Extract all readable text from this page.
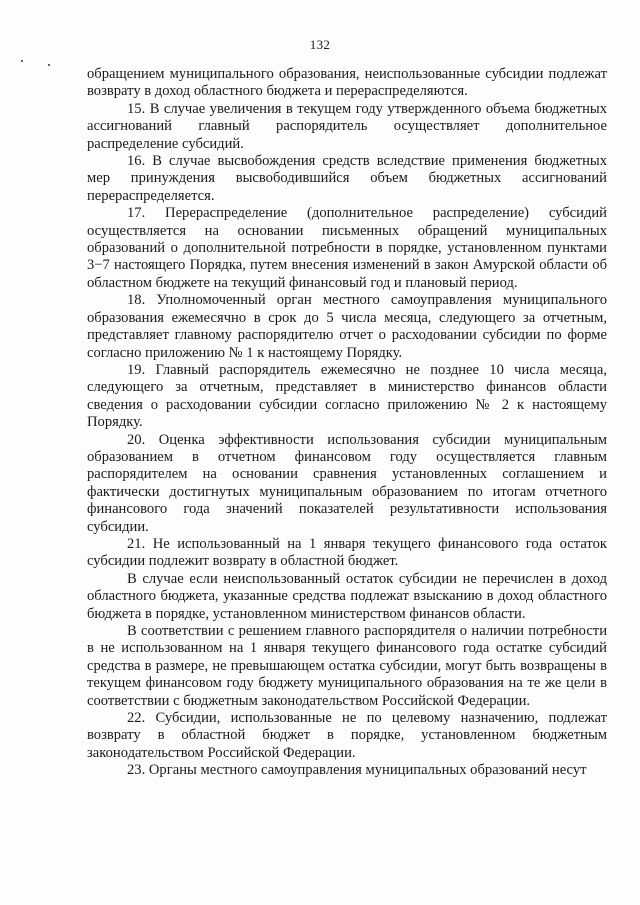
132

обращением муниципального образования, неиспользованные субсидии подлежат возврату в доход областного бюджета и перераспределяются.

15. В случае увеличения в текущем году утвержденного объема бюджетных ассигнований главный распорядитель осуществляет дополнительное распределение субсидий.

16. В случае высвобождения средств вследствие применения бюджетных мер принуждения высвободившийся объем бюджетных ассигнований перераспределяется.

17. Перераспределение (дополнительное распределение) субсидий осуществляется на основании письменных обращений муниципальных образований о дополнительной потребности в порядке, установленном пунктами 3−7 настоящего Порядка, путем внесения изменений в закон Амурской области об областном бюджете на текущий финансовый год и плановый период.

18. Уполномоченный орган местного самоуправления муниципального образования ежемесячно в срок до 5 числа месяца, следующего за отчетным, представляет главному распорядителю отчет о расходовании субсидии по форме согласно приложению № 1 к настоящему Порядку.

19. Главный распорядитель ежемесячно не позднее 10 числа месяца, следующего за отчетным, представляет в министерство финансов области сведения о расходовании субсидии согласно приложению № 2 к настоящему Порядку.

20. Оценка эффективности использования субсидии муниципальным образованием в отчетном финансовом году осуществляется главным распорядителем на основании сравнения установленных соглашением и фактически достигнутых муниципальным образованием по итогам отчетного финансового года значений показателей результативности использования субсидии.

21. Не использованный на 1 января текущего финансового года остаток субсидии подлежит возврату в областной бюджет.

В случае если неиспользованный остаток субсидии не перечислен в доход областного бюджета, указанные средства подлежат взысканию в доход областного бюджета в порядке, установленном министерством финансов области.

В соответствии с решением главного распорядителя о наличии потребности в не использованном на 1 января текущего финансового года остатке субсидий средства в размере, не превышающем остатка субсидии, могут быть возвращены в текущем финансовом году бюджету муниципального образования на те же цели в соответствии с бюджетным законодательством Российской Федерации.

22. Субсидии, использованные не по целевому назначению, подлежат возврату в областной бюджет в порядке, установленном бюджетным законодательством Российской Федерации.

23. Органы местного самоуправления муниципальных образований несут
